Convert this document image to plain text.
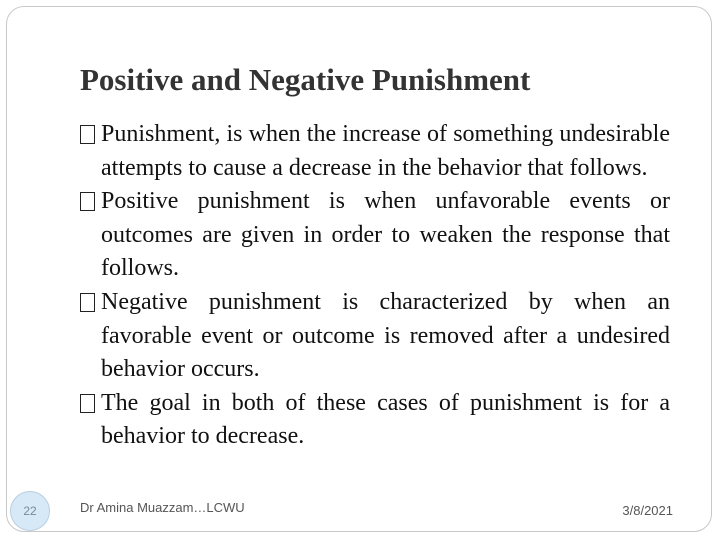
Positive and Negative Punishment

Punishment, is when the increase of something undesirable attempts to cause a decrease in the behavior that follows.

Positive punishment is when unfavorable events or outcomes are given in order to weaken the response that follows.

Negative punishment is characterized by when an favorable event or outcome is removed after a undesired behavior occurs.

The goal in both of these cases of punishment is for a behavior to decrease.

22	Dr Amina Muazzam…LCWU	3/8/2021
